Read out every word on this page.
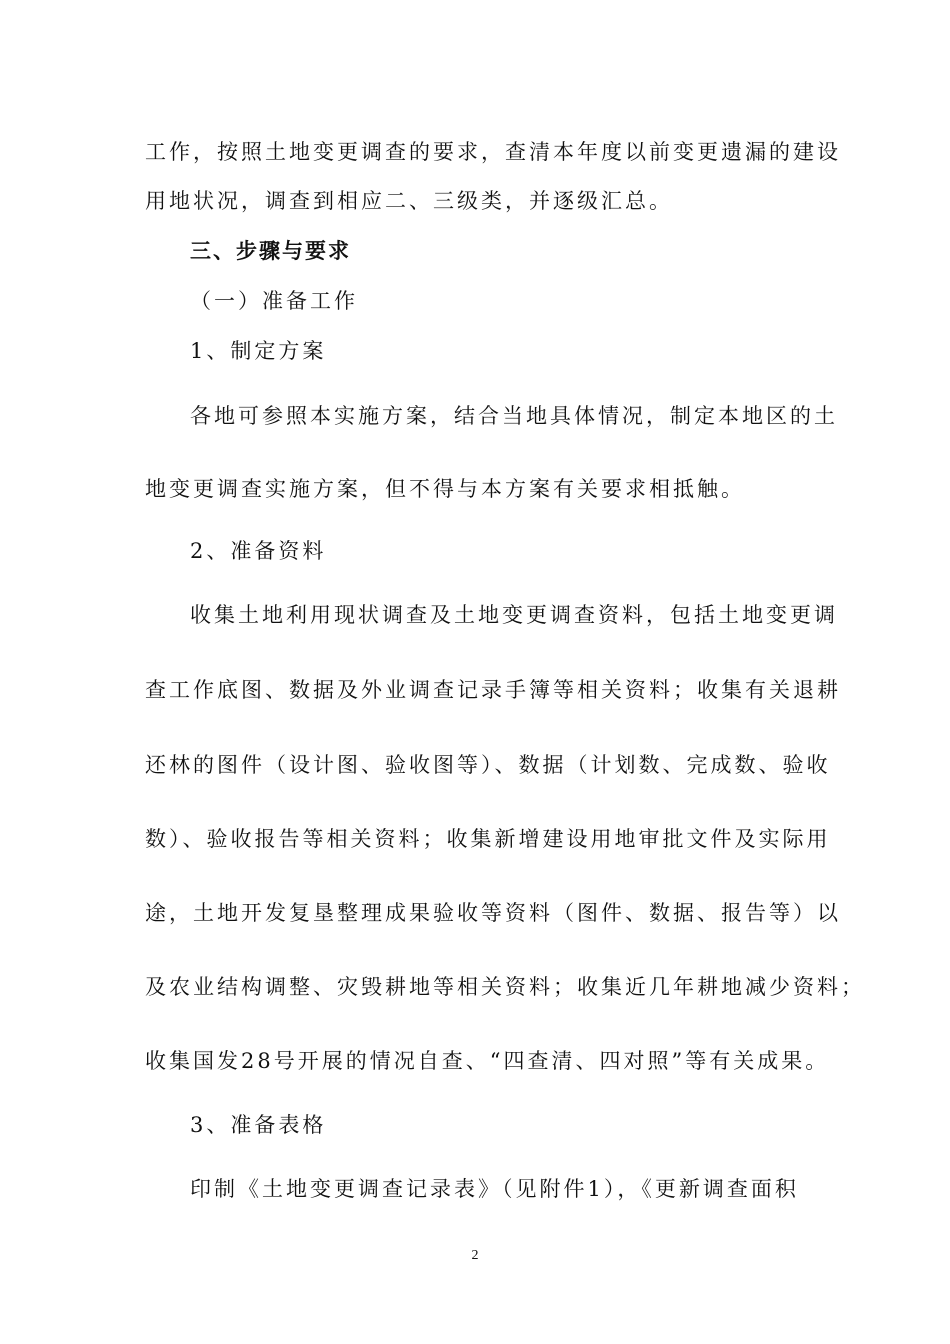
工作，按照土地变更调查的要求，查清本年度以前变更遗漏的建设
用地状况，调查到相应二、三级类，并逐级汇总。
三、步骤与要求
（一）准备工作
1、制定方案
各地可参照本实施方案，结合当地具体情况，制定本地区的土
地变更调查实施方案，但不得与本方案有关要求相抵触。
2、准备资料
收集土地利用现状调查及土地变更调查资料，包括土地变更调
查工作底图、数据及外业调查记录手簿等相关资料；收集有关退耕
还林的图件（设计图、验收图等）、数据（计划数、完成数、验收
数）、验收报告等相关资料；收集新增建设用地审批文件及实际用
途，土地开发复垦整理成果验收等资料（图件、数据、报告等）以
及农业结构调整、灾毁耕地等相关资料；收集近几年耕地减少资料；
收集国发28号开展的情况自查、“四查清、四对照”等有关成果。
3、准备表格
印制《土地变更调查记录表》（见附件1），《更新调查面积
2
